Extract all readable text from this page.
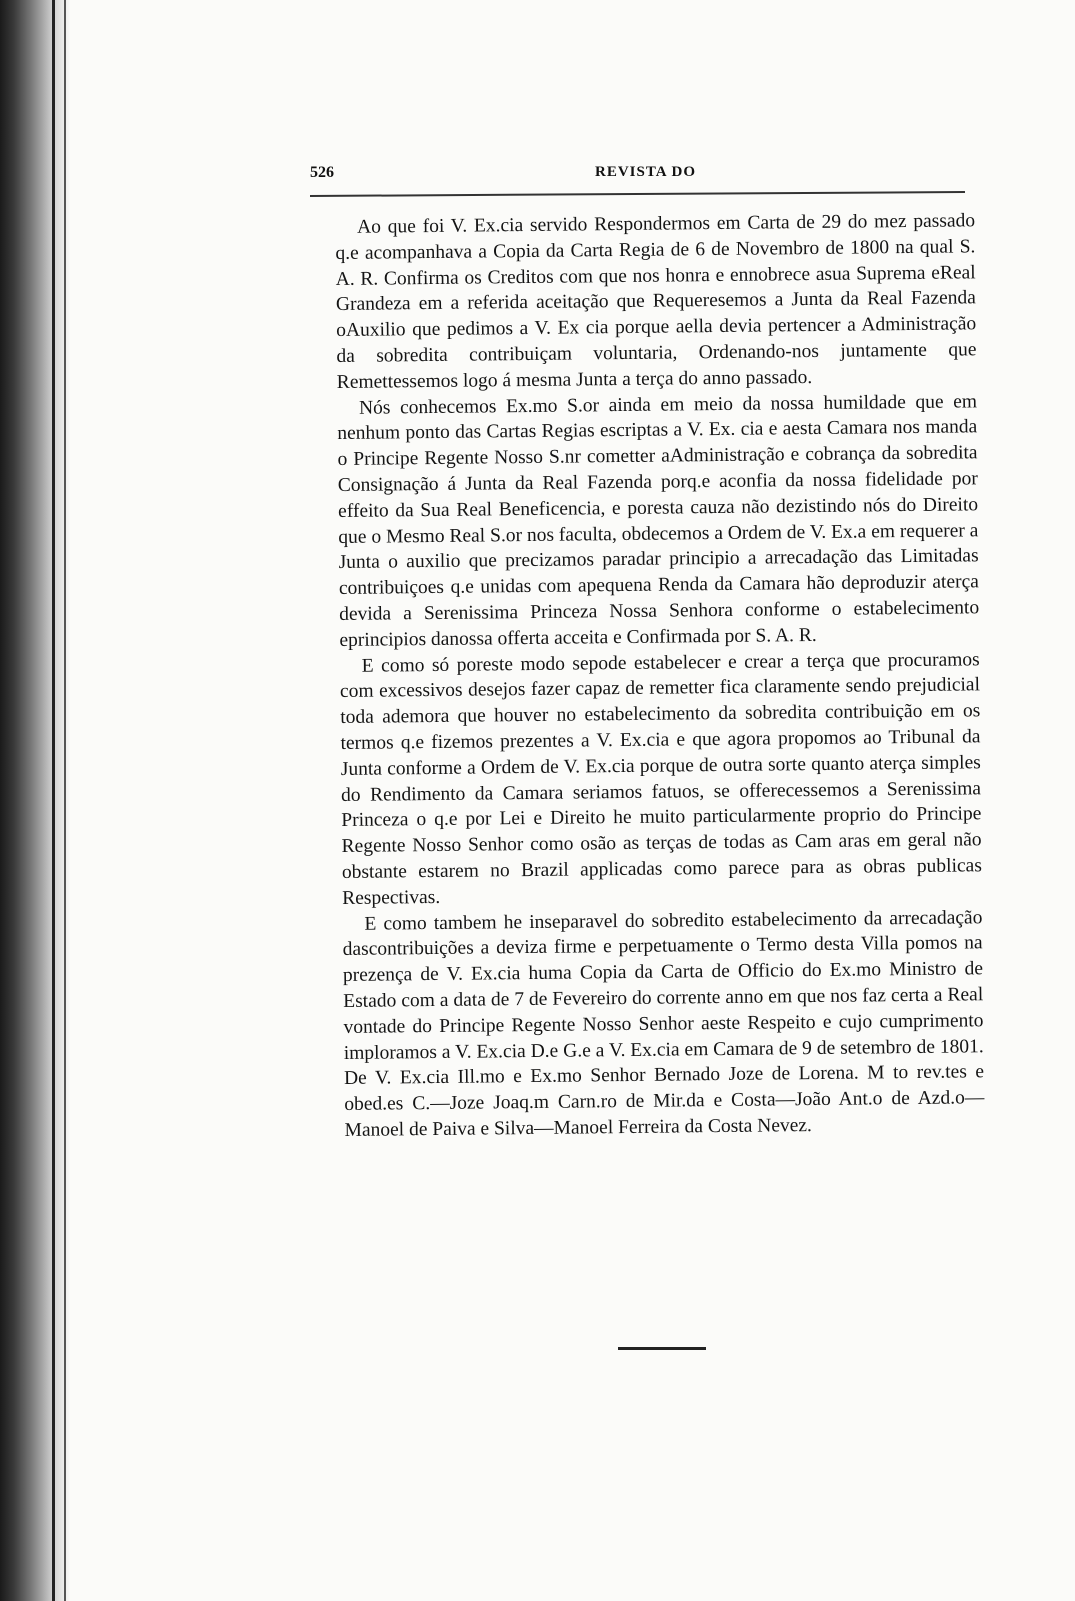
526	REVISTA DO

Ao que foi V. Ex.cia servido Respondermos em Carta de 29 do mez passado q.e acompanhava a Copia da Carta Regia de 6 de Novembro de 1800 na qual S. A. R. Confirma os Creditos com que nos honra e ennobrece asua Suprema eReal Grandeza em a referida aceitação que Requeresemos a Junta da Real Fazenda oAuxilio que pedimos a V. Ex cia porque aella devia pertencer a Administração da sobredita contribuiçam voluntaria, Ordenando-nos juntamente que Remettessemos logo á mesma Junta a terça do anno passado.

Nós conhecemos Ex.mo S.or ainda em meio da nossa humildade que em nenhum ponto das Cartas Regias escriptas a V. Ex. cia e aesta Camara nos manda o Principe Regente Nosso S.nr cometter aAdministração e cobrança da sobredita Consignação á Junta da Real Fazenda porq.e aconfia da nossa fidelidade por effeito da Sua Real Beneficencia, e poresta cauza não dezistindo nós do Direito que o Mesmo Real S.or nos faculta, obdecemos a Ordem de V. Ex.a em requerer a Junta o auxilio que precizamos paradar principio a arrecadação das Limitadas contribuiçoes q.e unidas com apequena Renda da Camara hão deproduzir aterça devida a Serenissima Princeza Nossa Senhora conforme o estabelecimento eprincipios danossa offerta acceita e Confirmada por S. A. R.

E como só poreste modo sepode estabelecer e crear a terça que procuramos com excessivos desejos fazer capaz de remetter fica claramente sendo prejudicial toda ademora que houver no estabelecimento da sobredita contribuição em os termos q.e fizemos prezentes a V. Ex.cia e que agora propomos ao Tribunal da Junta conforme a Ordem de V. Ex.cia porque de outra sorte quanto aterça simples do Rendimento da Camara seriamos fatuos, se offerecessemos a Serenissima Princeza o q.e por Lei e Direito he muito particularmente proprio do Principe Regente Nosso Senhor como osão as terças de todas as Cam aras em geral não obstante estarem no Brazil applicadas como parece para as obras publicas Respectivas.

E como tambem he inseparavel do sobredito estabelecimento da arrecadação dascontribuições a deviza firme e perpetuamente o Termo desta Villa pomos na prezença de V. Ex.cia huma Copia da Carta de Officio do Ex.mo Ministro de Estado com a data de 7 de Fevereiro do corrente anno em que nos faz certa a Real vontade do Principe Regente Nosso Senhor aeste Respeito e cujo cumprimento imploramos a V. Ex.cia D.e G.e a V. Ex.cia em Camara de 9 de setembro de 1801. De V. Ex.cia Ill.mo e Ex.mo Senhor Bernado Joze de Lorena. M to rev.tes e obed.es C.—Joze Joaq.m Carn.ro de Mir.da e Costa—João Ant.o de Azd.o—Manoel de Paiva e Silva—Manoel Ferreira da Costa Nevez.
